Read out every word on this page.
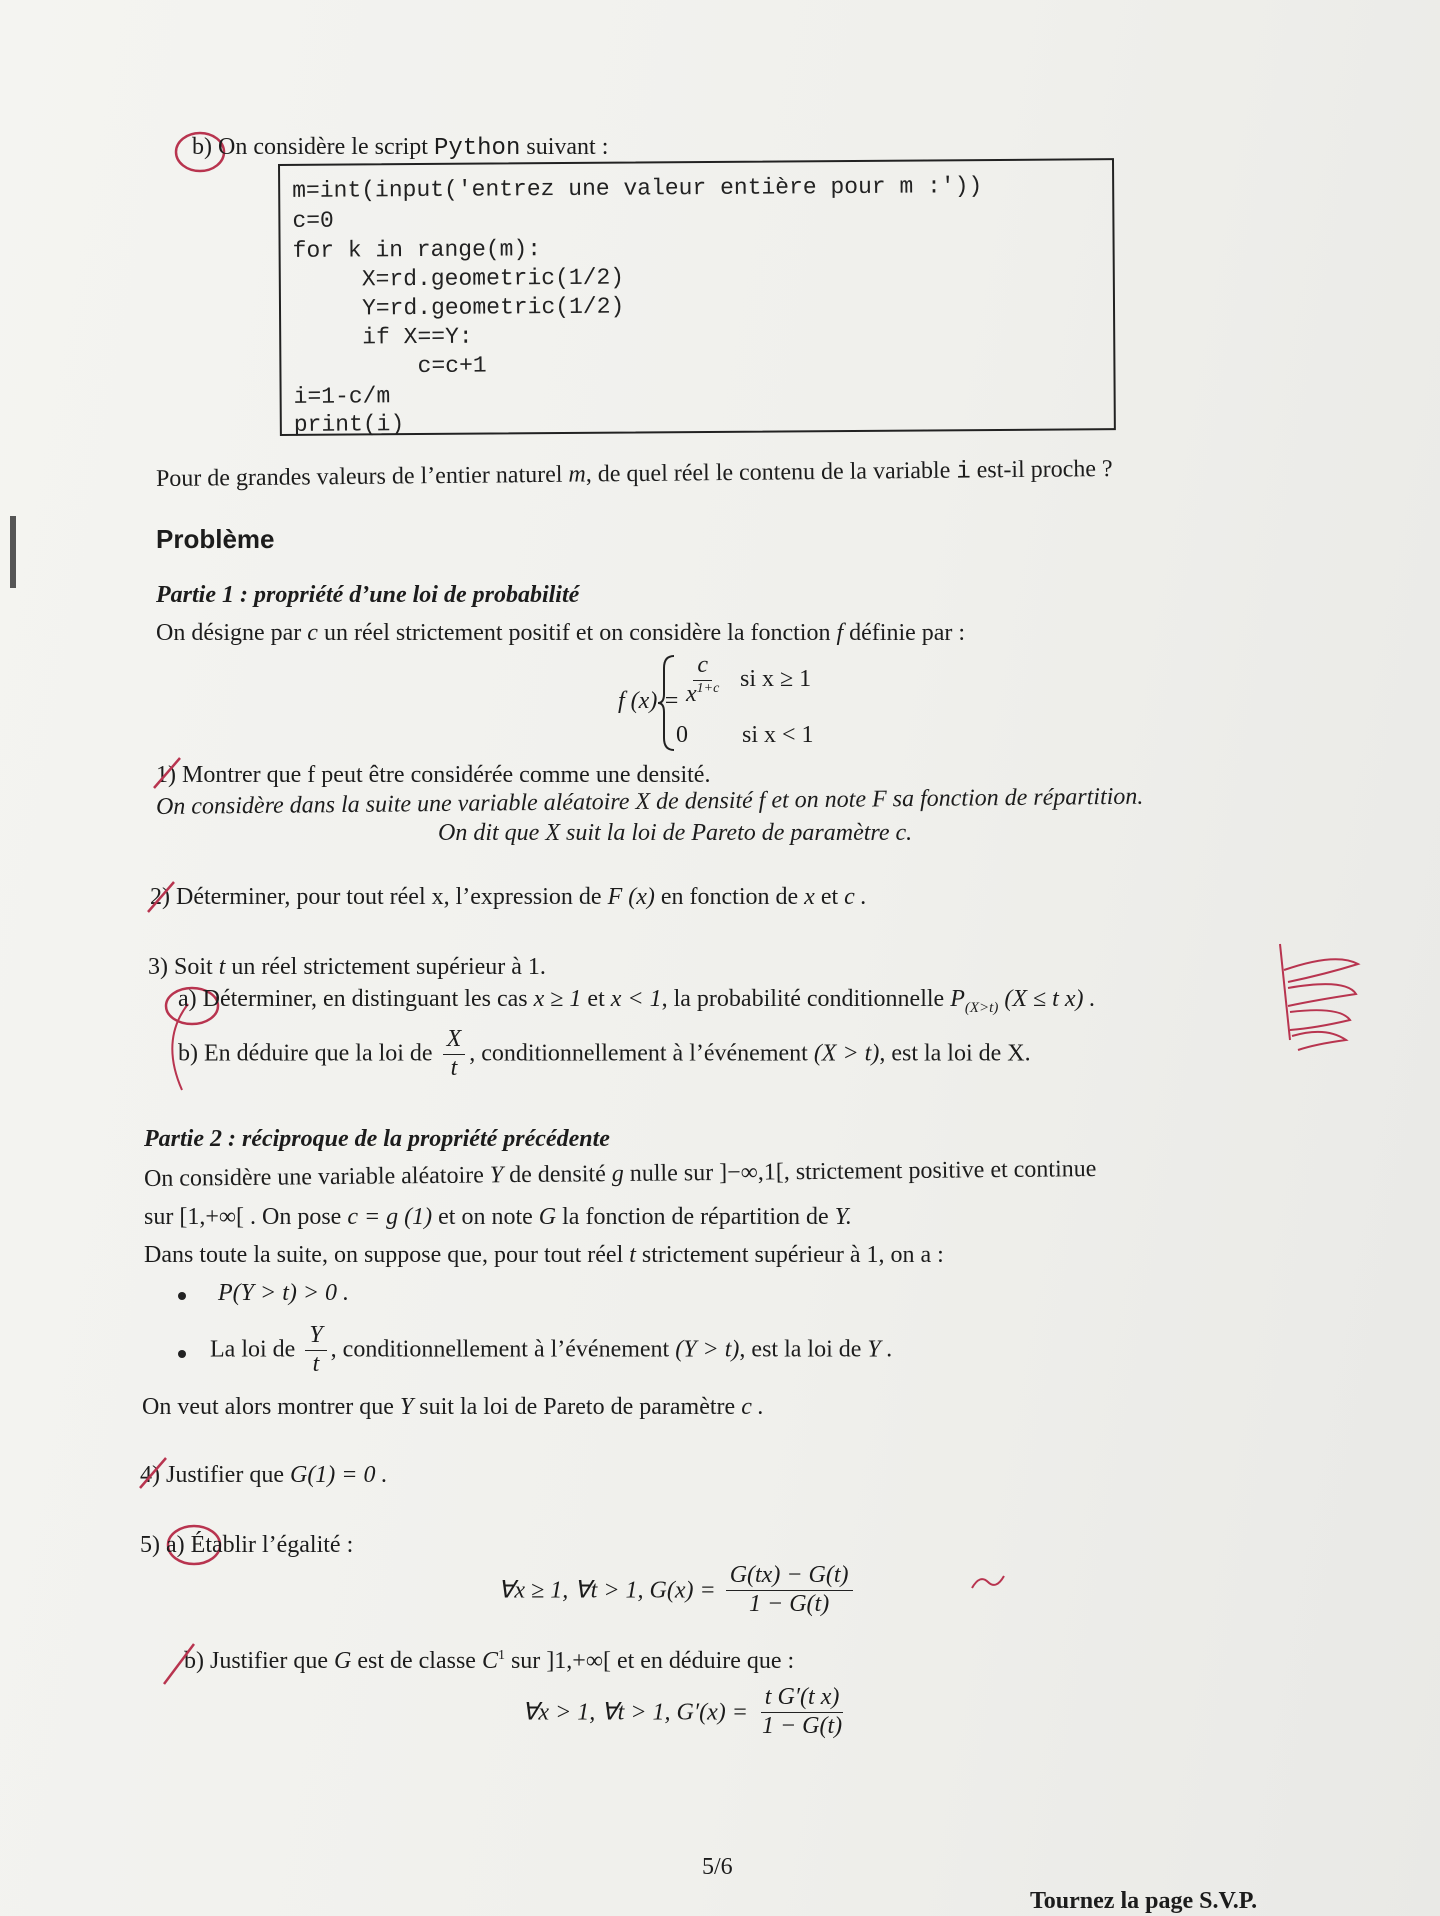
b) On considère le script Python suivant :
m=int(input('entrez une valeur entière pour m :'))
c=0
for k in range(m):
X=rd.geometric(1/2)
Y=rd.geometric(1/2)
if X==Y:
c=c+1
i=1-c/m
print(i)
Pour de grandes valeurs de l’entier naturel m, de quel réel le contenu de la variable i est-il proche ?
Problème
Partie 1 : propriété d’une loi de probabilité
On désigne par c un réel strictement positif et on considère la fonction f définie par :
f $(x) = \frac{c}{x^{1+c}}$ si x ≥ 1
0 si x < 1
1) Montrer que f peut être considérée comme une densité.
On considère dans la suite une variable aléatoire X de densité f et on note F sa fonction de répartition.
On dit que X suit la loi de Pareto de paramètre c.
2) Déterminer, pour tout réel x, l’expression de F (x) en fonction de x et c .
3) Soit t un réel strictement supérieur à 1.
a) Déterminer, en distinguant les cas x ≥ 1 et x < 1, la probabilité conditionnelle $P_{(X>t)}$ (X ≤ t x) .
b) En déduire que la loi de $\frac{X}{t}$ , conditionnellement à l’événement (X > t), est la loi de X.
Partie 2 : réciproque de la propriété précédente
On considère une variable aléatoire Y de densité g nulle sur ]−∞,1[, strictement positive et continue
sur [1,+∞[ . On pose c = g (1) et on note G la fonction de répartition de Y.
Dans toute la suite, on suppose que, pour tout réel t strictement supérieur à 1, on a :
P(Y > t) > 0 .
La loi de $\frac{Y}{t}$ , conditionnellement à l’événement (Y > t), est la loi de Y .
On veut alors montrer que Y suit la loi de Pareto de paramètre c .
4) Justifier que G(1) = 0 .
5) a) Établir l’égalité :
∀x ≥ 1, ∀t > 1, $G(x) = \frac{G(tx) - G(t)}{1 - G(t)}$
b) Justifier que G est de classe $C^1$ sur ]1,+∞[ et en déduire que :
∀x > 1, ∀t > 1, $G'(x) = \frac{\text{t G′(t x)}}{1 - G(t)}$
5/6
Tournez la page S.V.P.
